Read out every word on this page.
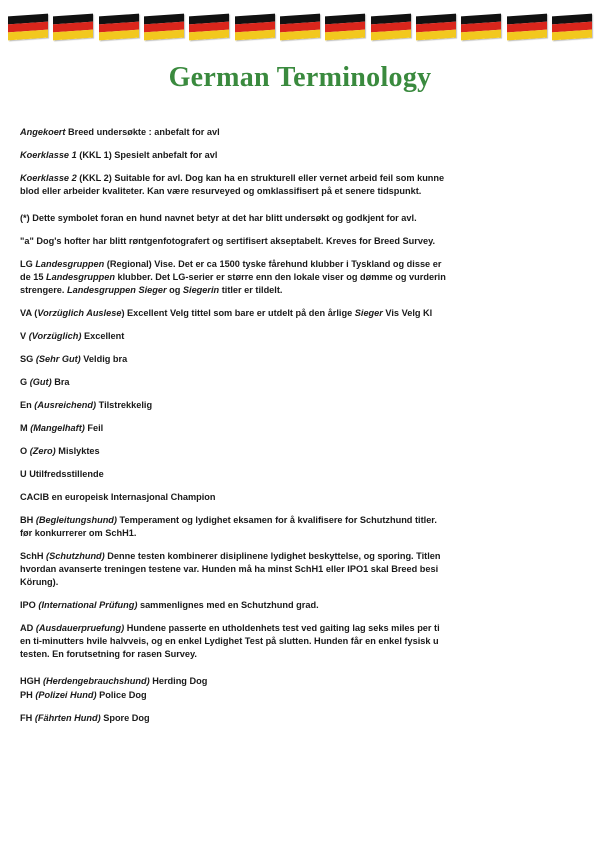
German Terminology
Angekoert Breed undersøkte : anbefalt for avl
Koerklasse 1 (KKL 1) Spesielt anbefalt for avl
Koerklasse 2 (KKL 2) Suitable for avl. Dog kan ha en strukturell eller vernet arbeid feil som kunne
blod eller arbeider kvaliteter. Kan være resurveyed og omklassifisert på et senere tidspunkt.
(*) Dette symbolet foran en hund navnet betyr at det har blitt undersøkt og godkjent for avl.
"a" Dog's hofter har blitt røntgenfotografert og sertifisert akseptabelt. Kreves for Breed Survey.
LG Landesgruppen (Regional) Vise. Det er ca 1500 tyske fårehund klubber i Tyskland og disse er
de 15 Landesgruppen klubber. Det LG-serier er større enn den lokale viser og dømme og vurderin
strengere. Landesgruppen Sieger og Siegerin titler er tildelt.
VA (Vorzüglich Auslese) Excellent Velg tittel som bare er utdelt på den årlige Sieger Vis Velg Kl
V (Vorzüglich) Excellent
SG (Sehr Gut) Veldig bra
G (Gut) Bra
En (Ausreichend) Tilstrekkelig
M (Mangelhaft) Feil
O (Zero) Mislyktes
U Utilfredsstillende
CACIB en europeisk Internasjonal Champion
BH (Begleitungshund) Temperament og lydighet eksamen for å kvalifisere for Schutzhund titler.
før konkurrerer om SchH1.
SchH (Schutzhund) Denne testen kombinerer disiplinene lydighet beskyttelse, og sporing. Titlen
hvordan avanserte treningen testene var. Hunden må ha minst SchH1 eller IPO1 skal Breed besi
Körung).
IPO (International Prüfung) sammenlignes med en Schutzhund grad.
AD (Ausdauerpruefung) Hundene passerte en utholdenhets test ved gaiting lag seks miles per ti
en ti-minutters hvile halvveis, og en enkel Lydighet Test på slutten. Hunden får en enkel fysisk u
testen. En forutsetning for rasen Survey.
HGH (Herdengebrauchshund) Herding Dog
PH (Polizei Hund) Police Dog
FH (Fährten Hund) Spore Dog
